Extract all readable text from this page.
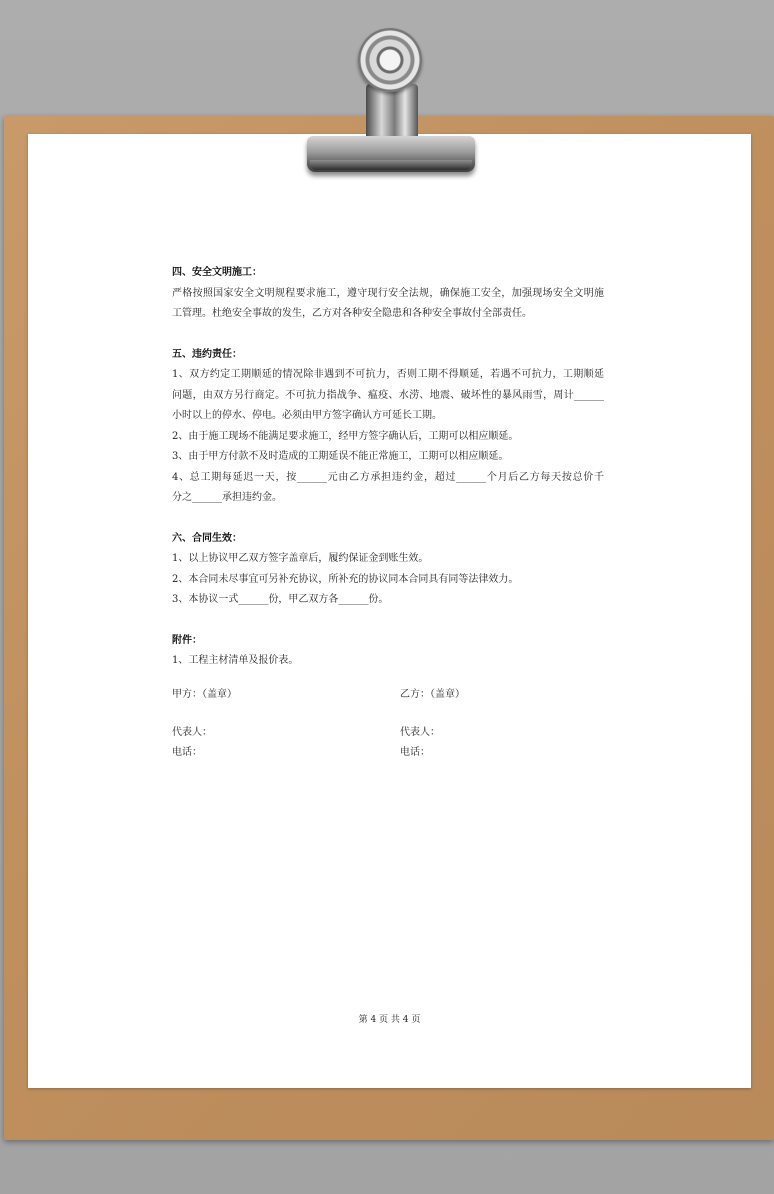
四、安全文明施工：

严格按照国家安全文明规程要求施工，遵守现行安全法规，确保施工安全，加强现场安全文明施

工管理。杜绝安全事故的发生，乙方对各种安全隐患和各种安全事故付全部责任。

五、违约责任：

1、双方约定工期顺延的情况除非遇到不可抗力，否则工期不得顺延，若遇不可抗力，工期顺延

问题，由双方另行商定。不可抗力指战争、瘟疫、水涝、地震、破坏性的暴风雨雪，周计______

小时以上的停水、停电。必须由甲方签字确认方可延长工期。

2、由于施工现场不能满足要求施工，经甲方签字确认后，工期可以相应顺延。

3、由于甲方付款不及时造成的工期延误不能正常施工，工期可以相应顺延。

4、总工期每延迟一天，按______元由乙方承担违约金，超过______个月后乙方每天按总价千

分之______承担违约金。

六、合同生效：

1、以上协议甲乙双方签字盖章后，履约保证金到账生效。

2、本合同未尽事宜可另补充协议，所补充的协议同本合同具有同等法律效力。

3、本协议一式______份，甲乙双方各______份。

附件：

1、工程主材清单及报价表。

甲方：（盖章）	乙方：（盖章）
代表人：	代表人：
电话：	电话：
第 4 页 共 4 页
